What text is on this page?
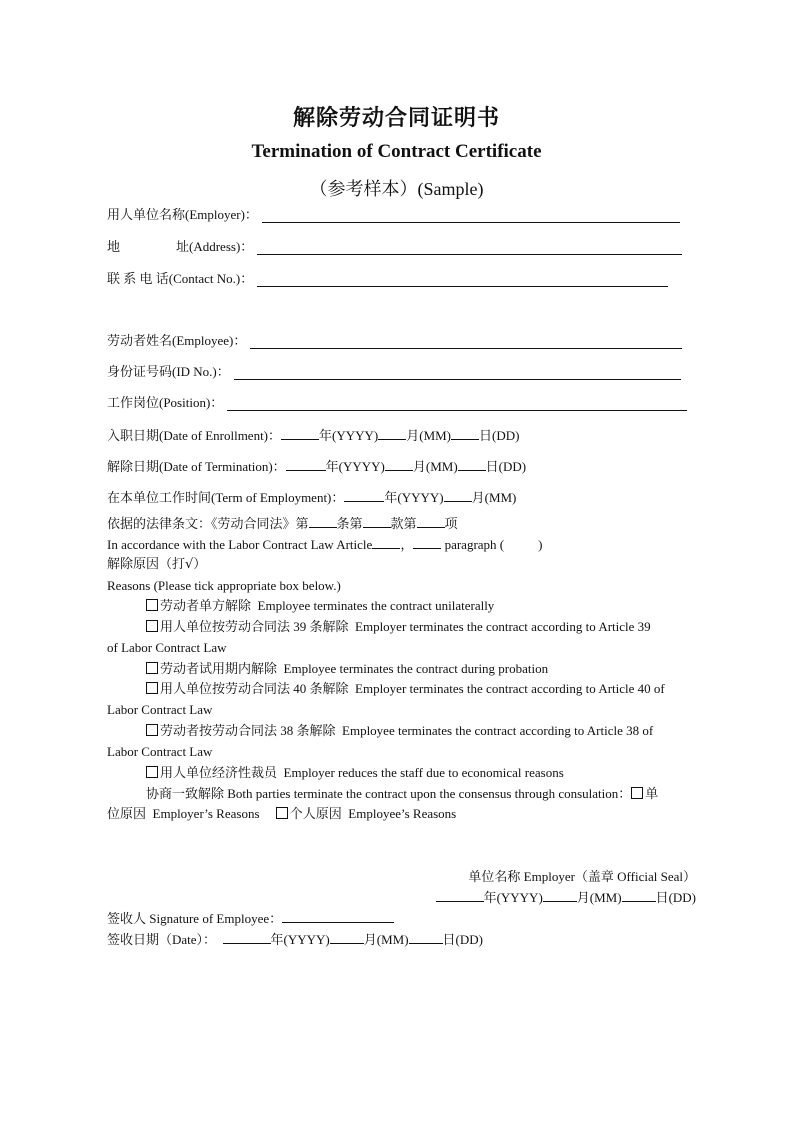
解除劳动合同证明书
Termination of Contract Certificate
（参考样本）(Sample)
用人单位名称(Employer)：
地	址(Address)：
联 系 电 话(Contact No.)：
劳动者姓名(Employee)：
身份证号码(ID No.)：
工作岗位(Position)：
入职日期(Date of Enrollment)：	年(YYYY) 月(MM) 日(DD)
解除日期(Date of Termination)：	年(YYYY) 月(MM) 日(DD)
在本单位工作时间(Term of Employment)：	年(YYYY) 月(MM)
依据的法律条文：《劳动合同法》第 条第 款第 项
In accordance with the Labor Contract Law Article ， paragraph (	)
解除原因（打√）
Reasons (Please tick appropriate box below.)
劳动者单方解除 Employee terminates the contract unilaterally
用人单位按劳动合同法 39 条解除 Employer terminates the contract according to Article 39
of Labor Contract Law
劳动者试用期内解除 Employee terminates the contract during probation
用人单位按劳动合同法 40 条解除 Employer terminates the contract according to Article 40 of
Labor Contract Law
劳动者按劳动合同法 38 条解除 Employee terminates the contract according to Article 38 of
Labor Contract Law
用人单位经济性裁员 Employer reduces the staff due to economical reasons
协商一致解除 Both parties terminate the contract upon the consensus through consulation： 单
位原因 Employer’s Reasons 个人原因 Employee’s Reasons
单位名称 Employer（盖章 Official Seal）
年(YYYY)	月(MM)	日(DD)
签收人 Signature of Employee：
签收日期（Date）：	年(YYYY)	月(MM)	日(DD)
